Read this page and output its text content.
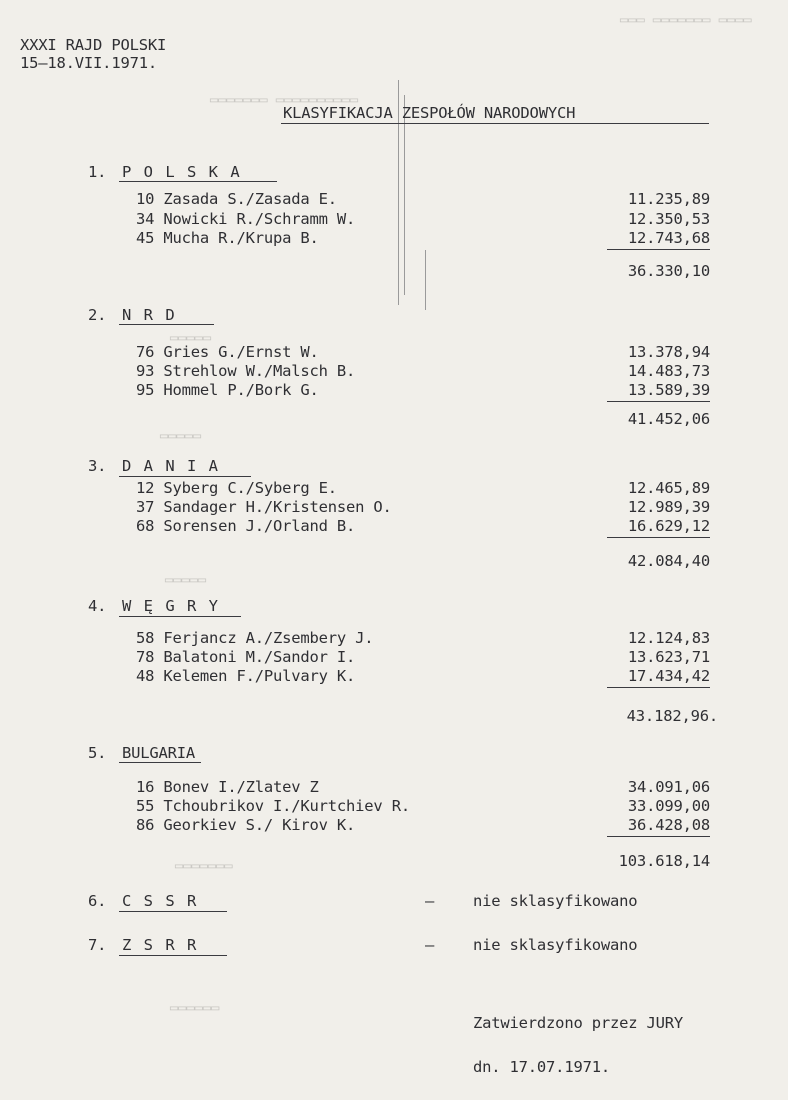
▭▭▭▭ ▭▭▭▭▭▭▭ ▭▭▭
▭▭▭▭▭▭▭▭▭▭ ▭▭▭▭▭▭▭
▭▭▭▭▭
▭▭▭▭▭
▭▭▭▭▭
▭▭▭▭▭▭▭
▭▭▭▭▭▭
XXXI RAJD POLSKI
15–18.VII.1971.
KLASYFIKACJA ZESPOŁÓW NARODOWYCH
1. P O L S K A
10 Zasada S./Zasada E.	11.235,89
34 Nowicki R./Schramm W.	12.350,53
45 Mucha R./Krupa B.	12.743,68
36.330,10
2. N R D
76 Gries G./Ernst W.	13.378,94
93 Strehlow W./Malsch B.	14.483,73
95 Hommel P./Bork G.	13.589,39
41.452,06
3. D A N I A
12 Syberg C./Syberg E.	12.465,89
37 Sandager H./Kristensen O.	12.989,39
68 Sorensen J./Orland B.	16.629,12
42.084,40
4. W Ę G R Y
58 Ferjancz A./Zsembery J.	12.124,83
78 Balatoni M./Sandor I.	13.623,71
48 Kelemen F./Pulvary K.	17.434,42
43.182,96.
5. BULGARIA
16 Bonev I./Zlatev Z	34.091,06
55 Tchoubrikov I./Kurtchiev R.	33.099,00
86 Georkiev S./ Kirov K.	36.428,08
103.618,14
6. C S S R	–	nie sklasyfikowano
7. Z S R R	–	nie sklasyfikowano
Zatwierdzono przez JURY
dn. 17.07.1971.
